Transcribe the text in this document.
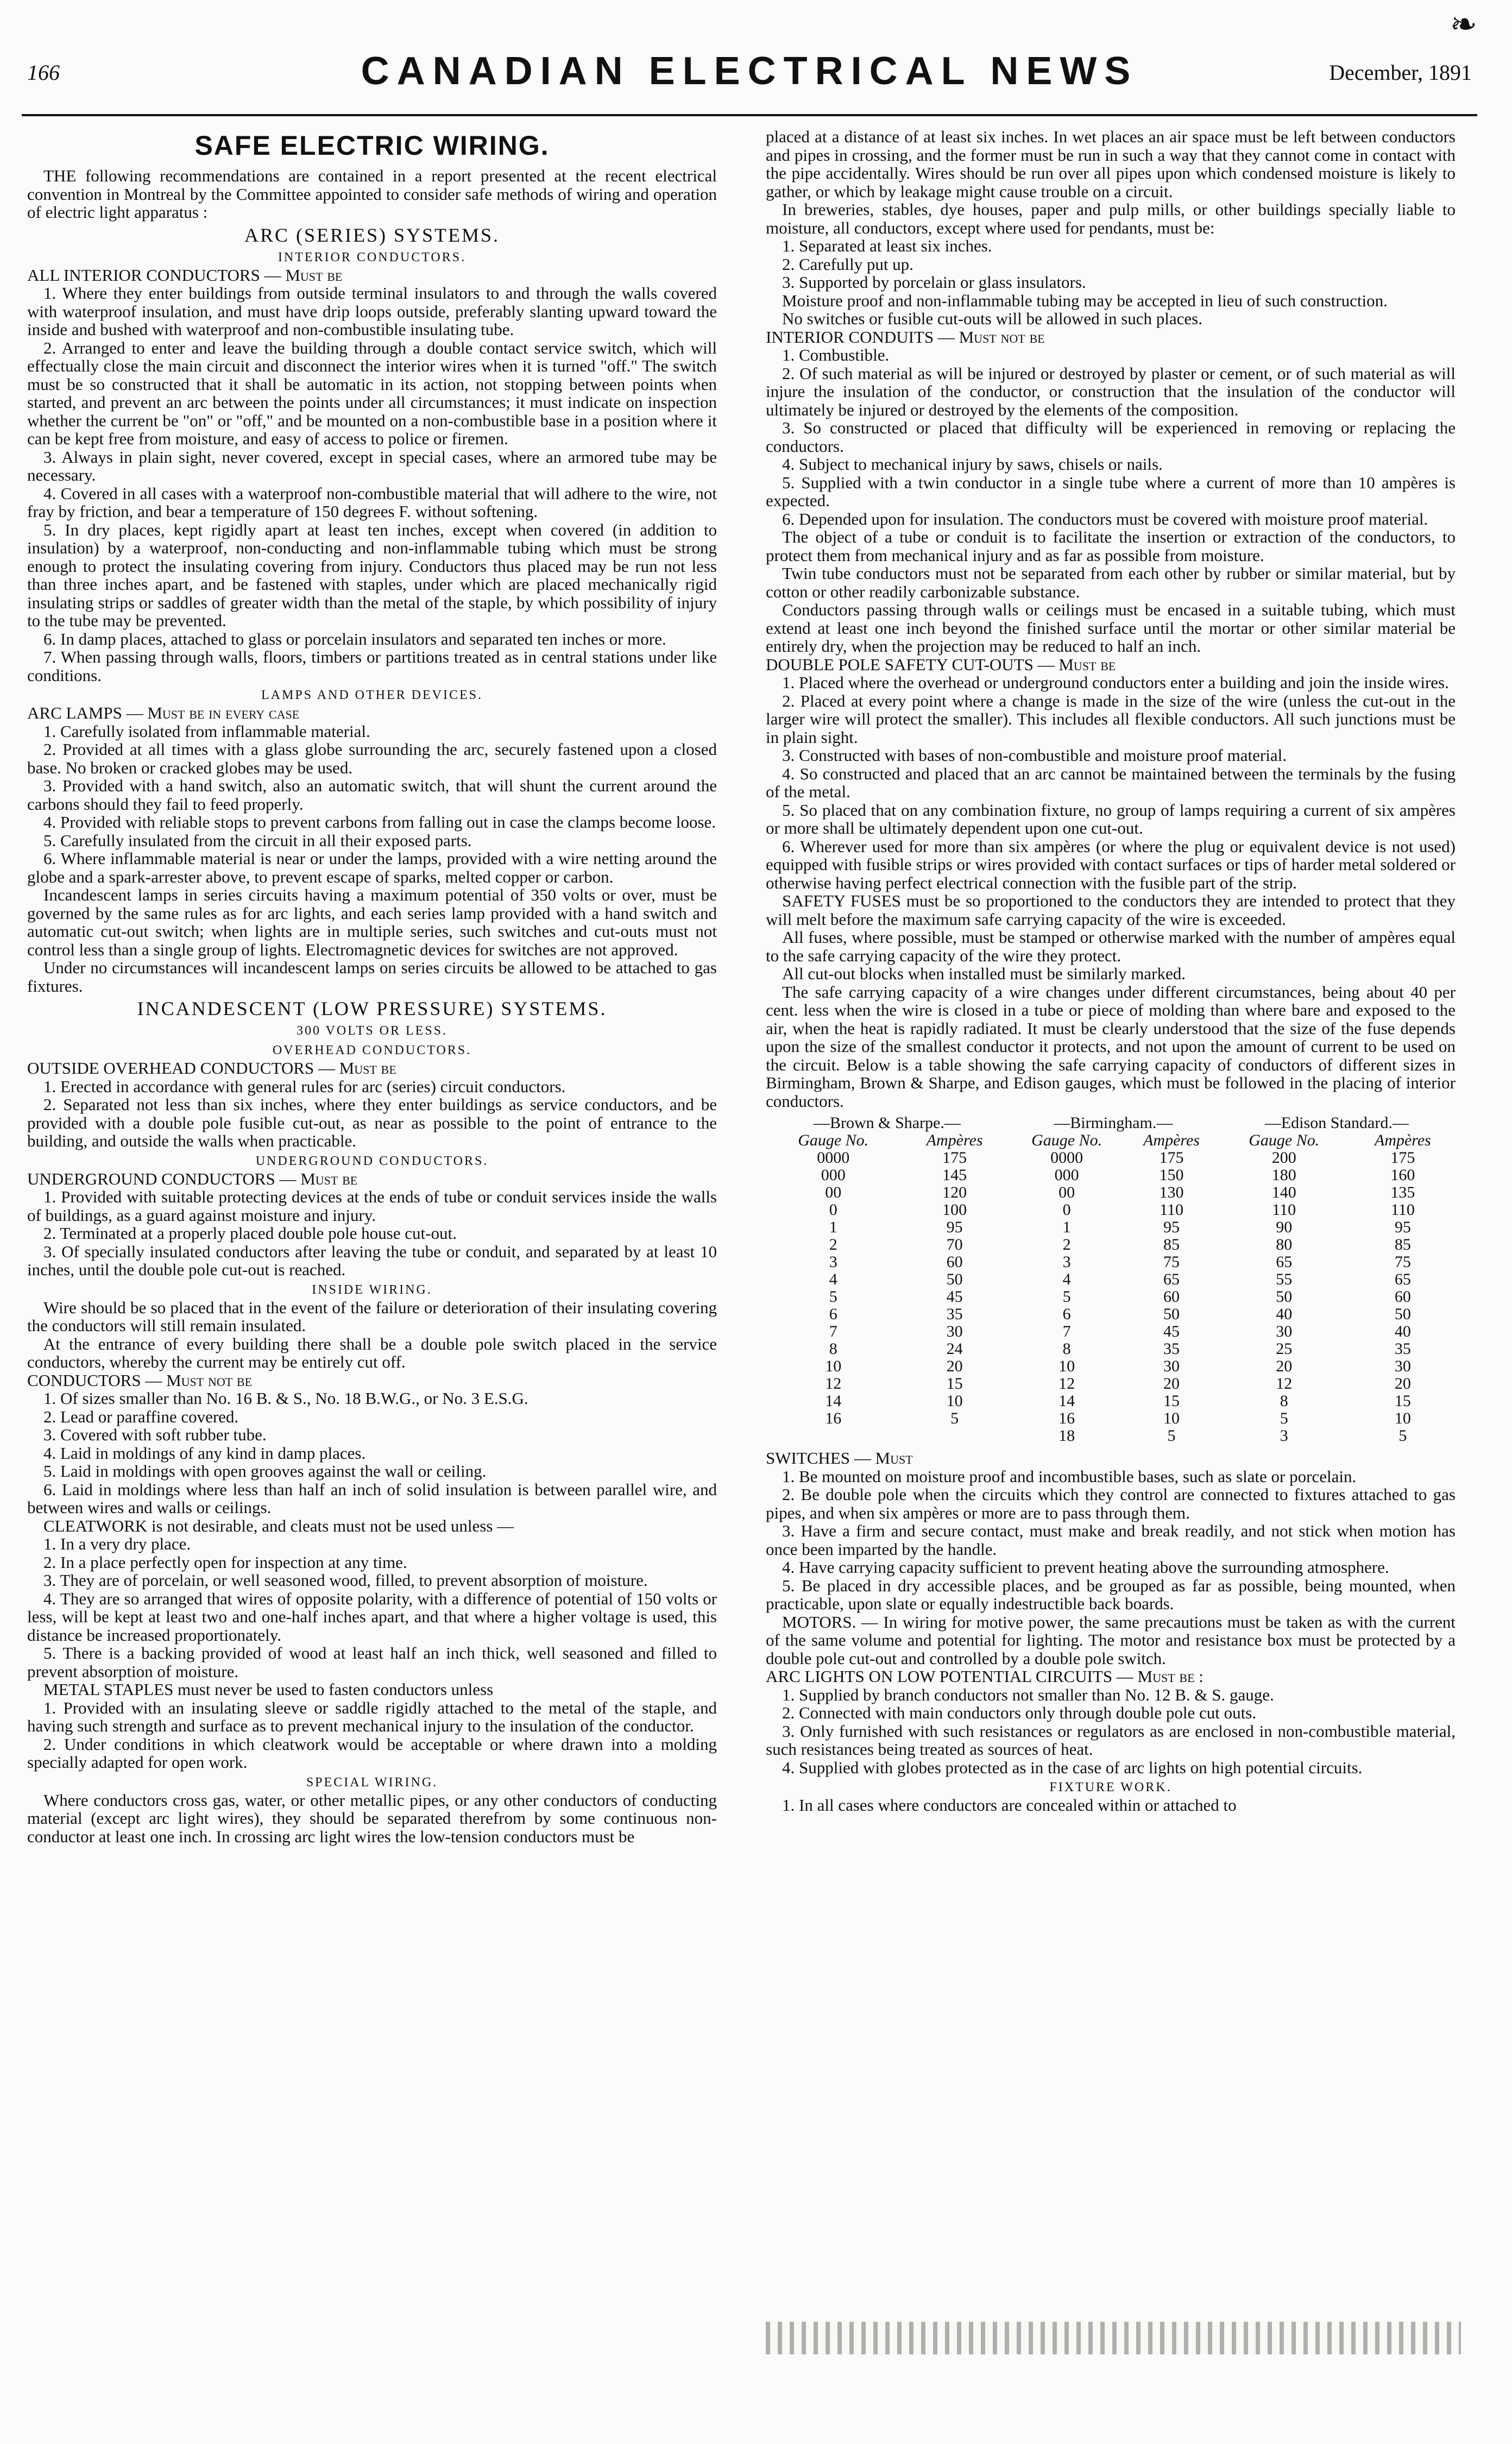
166	CANADIAN ELECTRICAL NEWS	December, 1891
❧
SAFE ELECTRIC WIRING.

THE following recommendations are contained in a report presented at the recent electrical convention in Montreal by the Committee appointed to consider safe methods of wiring and operation of electric light apparatus :

ARC (SERIES) SYSTEMS.
INTERIOR CONDUCTORS.

ALL INTERIOR CONDUCTORS — Must be

1. Where they enter buildings from outside terminal insulators to and through the walls covered with waterproof insulation, and must have drip loops outside, preferably slanting upward toward the inside and bushed with waterproof and non-combustible insulating tube.

2. Arranged to enter and leave the building through a double contact service switch, which will effectually close the main circuit and disconnect the interior wires when it is turned "off." The switch must be so constructed that it shall be automatic in its action, not stopping between points when started, and prevent an arc between the points under all circumstances; it must indicate on inspection whether the current be "on" or "off," and be mounted on a non-combustible base in a position where it can be kept free from moisture, and easy of access to police or firemen.

3. Always in plain sight, never covered, except in special cases, where an armored tube may be necessary.

4. Covered in all cases with a waterproof non-combustible material that will adhere to the wire, not fray by friction, and bear a temperature of 150 degrees F. without softening.

5. In dry places, kept rigidly apart at least ten inches, except when covered (in addition to insulation) by a waterproof, non-conducting and non-inflammable tubing which must be strong enough to protect the insulating covering from injury. Conductors thus placed may be run not less than three inches apart, and be fastened with staples, under which are placed mechanically rigid insulating strips or saddles of greater width than the metal of the staple, by which possibility of injury to the tube may be prevented.

6. In damp places, attached to glass or porcelain insulators and separated ten inches or more.

7. When passing through walls, floors, timbers or partitions treated as in central stations under like conditions.

LAMPS AND OTHER DEVICES.

ARC LAMPS — Must be in every case

1. Carefully isolated from inflammable material.

2. Provided at all times with a glass globe surrounding the arc, securely fastened upon a closed base. No broken or cracked globes may be used.

3. Provided with a hand switch, also an automatic switch, that will shunt the current around the carbons should they fail to feed properly.

4. Provided with reliable stops to prevent carbons from falling out in case the clamps become loose.

5. Carefully insulated from the circuit in all their exposed parts.

6. Where inflammable material is near or under the lamps, provided with a wire netting around the globe and a spark-arrester above, to prevent escape of sparks, melted copper or carbon.

Incandescent lamps in series circuits having a maximum potential of 350 volts or over, must be governed by the same rules as for arc lights, and each series lamp provided with a hand switch and automatic cut-out switch; when lights are in multiple series, such switches and cut-outs must not control less than a single group of lights. Electromagnetic devices for switches are not approved.

Under no circumstances will incandescent lamps on series circuits be allowed to be attached to gas fixtures.

INCANDESCENT (LOW PRESSURE) SYSTEMS.
300 VOLTS OR LESS.
OVERHEAD CONDUCTORS.

OUTSIDE OVERHEAD CONDUCTORS — Must be

1. Erected in accordance with general rules for arc (series) circuit conductors.

2. Separated not less than six inches, where they enter buildings as service conductors, and be provided with a double pole fusible cut-out, as near as possible to the point of entrance to the building, and outside the walls when practicable.

UNDERGROUND CONDUCTORS.

UNDERGROUND CONDUCTORS — Must be

1. Provided with suitable protecting devices at the ends of tube or conduit services inside the walls of buildings, as a guard against moisture and injury.

2. Terminated at a properly placed double pole house cut-out.

3. Of specially insulated conductors after leaving the tube or conduit, and separated by at least 10 inches, until the double pole cut-out is reached.

INSIDE WIRING.

Wire should be so placed that in the event of the failure or deterioration of their insulating covering the conductors will still remain insulated.

At the entrance of every building there shall be a double pole switch placed in the service conductors, whereby the current may be entirely cut off.

CONDUCTORS — Must not be

1. Of sizes smaller than No. 16 B. & S., No. 18 B.W.G., or No. 3 E.S.G.

2. Lead or paraffine covered.

3. Covered with soft rubber tube.

4. Laid in moldings of any kind in damp places.

5. Laid in moldings with open grooves against the wall or ceiling.

6. Laid in moldings where less than half an inch of solid insulation is between parallel wire, and between wires and walls or ceilings.

CLEATWORK is not desirable, and cleats must not be used unless —

1. In a very dry place.

2. In a place perfectly open for inspection at any time.

3. They are of porcelain, or well seasoned wood, filled, to prevent absorption of moisture.

4. They are so arranged that wires of opposite polarity, with a difference of potential of 150 volts or less, will be kept at least two and one-half inches apart, and that where a higher voltage is used, this distance be increased proportionately.

5. There is a backing provided of wood at least half an inch thick, well seasoned and filled to prevent absorption of moisture.

METAL STAPLES must never be used to fasten conductors unless

1. Provided with an insulating sleeve or saddle rigidly attached to the metal of the staple, and having such strength and surface as to prevent mechanical injury to the insulation of the conductor.

2. Under conditions in which cleatwork would be acceptable or where drawn into a molding specially adapted for open work.

SPECIAL WIRING.

Where conductors cross gas, water, or other metallic pipes, or any other conductors of conducting material (except arc light wires), they should be separated therefrom by some continuous non-conductor at least one inch. In crossing arc light wires the low-tension conductors must be

placed at a distance of at least six inches. In wet places an air space must be left between conductors and pipes in crossing, and the former must be run in such a way that they cannot come in contact with the pipe accidentally. Wires should be run over all pipes upon which condensed moisture is likely to gather, or which by leakage might cause trouble on a circuit.

In breweries, stables, dye houses, paper and pulp mills, or other buildings specially liable to moisture, all conductors, except where used for pendants, must be:

1. Separated at least six inches.

2. Carefully put up.

3. Supported by porcelain or glass insulators.

Moisture proof and non-inflammable tubing may be accepted in lieu of such construction.

No switches or fusible cut-outs will be allowed in such places.

INTERIOR CONDUITS — Must not be

1. Combustible.

2. Of such material as will be injured or destroyed by plaster or cement, or of such material as will injure the insulation of the conductor, or construction that the insulation of the conductor will ultimately be injured or destroyed by the elements of the composition.

3. So constructed or placed that difficulty will be experienced in removing or replacing the conductors.

4. Subject to mechanical injury by saws, chisels or nails.

5. Supplied with a twin conductor in a single tube where a current of more than 10 ampères is expected.

6. Depended upon for insulation. The conductors must be covered with moisture proof material.

The object of a tube or conduit is to facilitate the insertion or extraction of the conductors, to protect them from mechanical injury and as far as possible from moisture.

Twin tube conductors must not be separated from each other by rubber or similar material, but by cotton or other readily carbonizable substance.

Conductors passing through walls or ceilings must be encased in a suitable tubing, which must extend at least one inch beyond the finished surface until the mortar or other similar material be entirely dry, when the projection may be reduced to half an inch.

DOUBLE POLE SAFETY CUT-OUTS — Must be

1. Placed where the overhead or underground conductors enter a building and join the inside wires.

2. Placed at every point where a change is made in the size of the wire (unless the cut-out in the larger wire will protect the smaller). This includes all flexible conductors. All such junctions must be in plain sight.

3. Constructed with bases of non-combustible and moisture proof material.

4. So constructed and placed that an arc cannot be maintained between the terminals by the fusing of the metal.

5. So placed that on any combination fixture, no group of lamps requiring a current of six ampères or more shall be ultimately dependent upon one cut-out.

6. Wherever used for more than six ampères (or where the plug or equivalent device is not used) equipped with fusible strips or wires provided with contact surfaces or tips of harder metal soldered or otherwise having perfect electrical connection with the fusible part of the strip.

SAFETY FUSES must be so proportioned to the conductors they are intended to protect that they will melt before the maximum safe carrying capacity of the wire is exceeded.

All fuses, where possible, must be stamped or otherwise marked with the number of ampères equal to the safe carrying capacity of the wire they protect.

All cut-out blocks when installed must be similarly marked.

The safe carrying capacity of a wire changes under different circumstances, being about 40 per cent. less when the wire is closed in a tube or piece of molding than where bare and exposed to the air, when the heat is rapidly radiated. It must be clearly understood that the size of the fuse depends upon the size of the smallest conductor it protects, and not upon the amount of current to be used on the circuit. Below is a table showing the safe carrying capacity of conductors of different sizes in Birmingham, Brown & Sharpe, and Edison gauges, which must be followed in the placing of interior conductors.

—Brown & Sharpe.—		—Birmingham.—		—Edison Standard.—	
Gauge No.	Ampères	Gauge No.	Ampères	Gauge No.	Ampères
0000	175	0000	175	200	175
000	145	000	150	180	160
00	120	00	130	140	135
0	100	0	110	110	110
1	95	1	95	90	95
2	70	2	85	80	85
3	60	3	75	65	75
4	50	4	65	55	65
5	45	5	60	50	60
6	35	6	50	40	50
7	30	7	45	30	40
8	24	8	35	25	35
10	20	10	30	20	30
12	15	12	20	12	20
14	10	14	15	8	15
16	5	16	10	5	10
		18	5	3	5

SWITCHES — Must

1. Be mounted on moisture proof and incombustible bases, such as slate or porcelain.

2. Be double pole when the circuits which they control are connected to fixtures attached to gas pipes, and when six ampères or more are to pass through them.

3. Have a firm and secure contact, must make and break readily, and not stick when motion has once been imparted by the handle.

4. Have carrying capacity sufficient to prevent heating above the surrounding atmosphere.

5. Be placed in dry accessible places, and be grouped as far as possible, being mounted, when practicable, upon slate or equally indestructible back boards.

MOTORS. — In wiring for motive power, the same precautions must be taken as with the current of the same volume and potential for lighting. The motor and resistance box must be protected by a double pole cut-out and controlled by a double pole switch.

ARC LIGHTS ON LOW POTENTIAL CIRCUITS — Must be :

1. Supplied by branch conductors not smaller than No. 12 B. & S. gauge.

2. Connected with main conductors only through double pole cut outs.

3. Only furnished with such resistances or regulators as are enclosed in non-combustible material, such resistances being treated as sources of heat.

4. Supplied with globes protected as in the case of arc lights on high potential circuits.

FIXTURE WORK.

1. In all cases where conductors are concealed within or attached to
